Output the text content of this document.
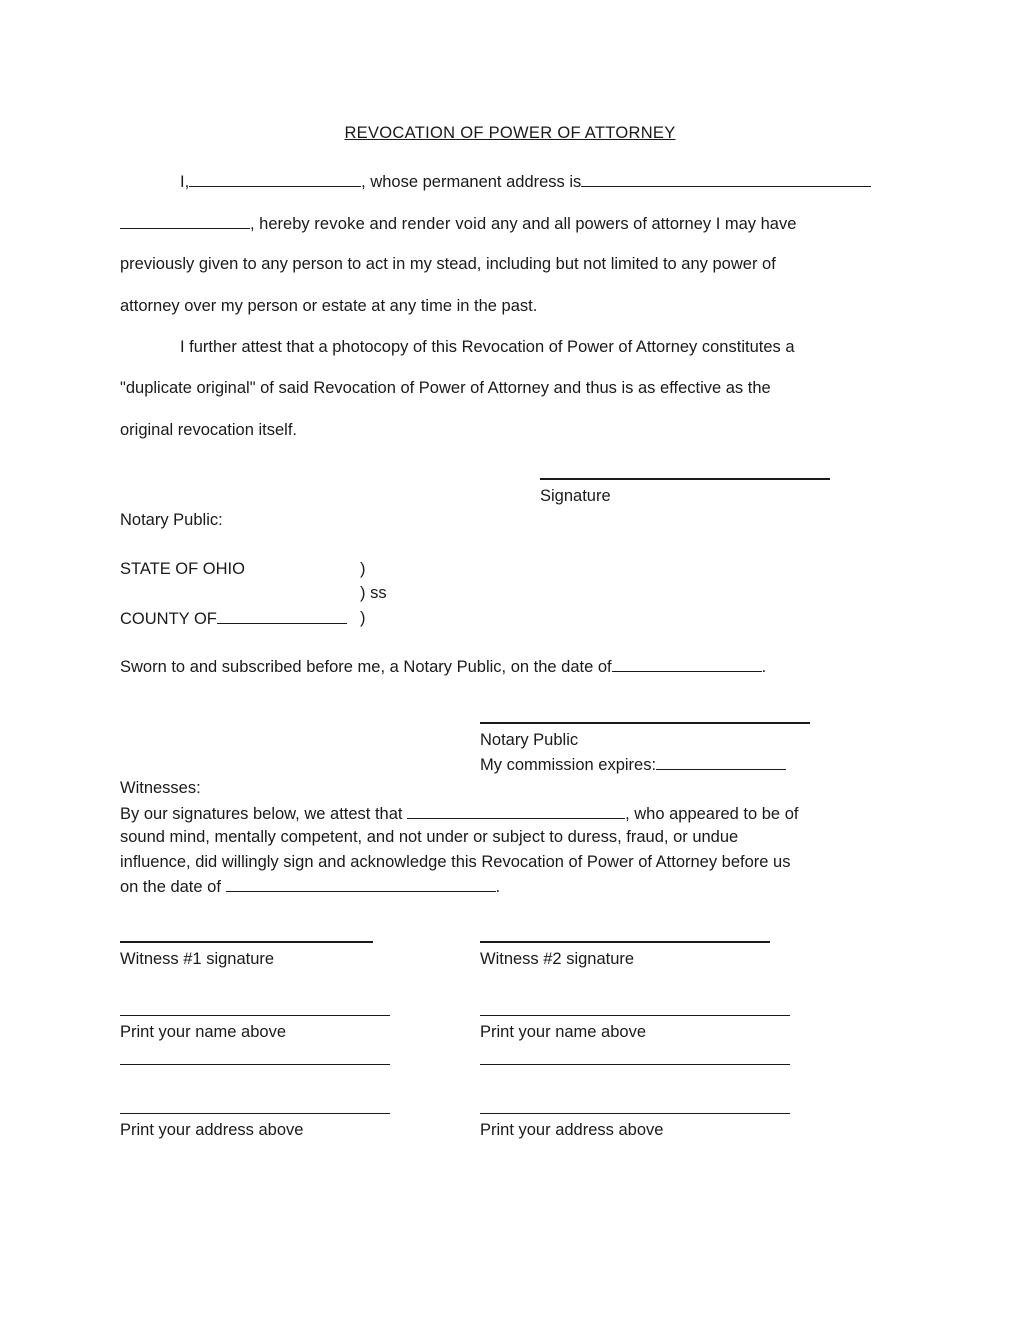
REVOCATION OF POWER OF ATTORNEY
I,	, whose permanent address is
, hereby revoke and render void any and all powers of attorney I may have
previously given to any person to act in my stead, including but not limited to any power of
attorney over my person or estate at any time in the past.
I further attest that a photocopy of this Revocation of Power of Attorney constitutes a
"duplicate original" of said Revocation of Power of Attorney and thus is as effective as the
original revocation itself.
Signature
Notary Public:
STATE OF OHIO	)
) ss
COUNTY OF	)
Sworn to and subscribed before me, a Notary Public, on the date of	.
Notary Public
My commission expires:
Witnesses:
By our signatures below, we attest that	, who appeared to be of
sound mind, mentally competent, and not under or subject to duress, fraud, or undue
influence, did willingly sign and acknowledge this Revocation of Power of Attorney before us
on the date of	.
Witness #1 signature
Print your name above
Print your address above
Witness #2 signature
Print your name above
Print your address above
